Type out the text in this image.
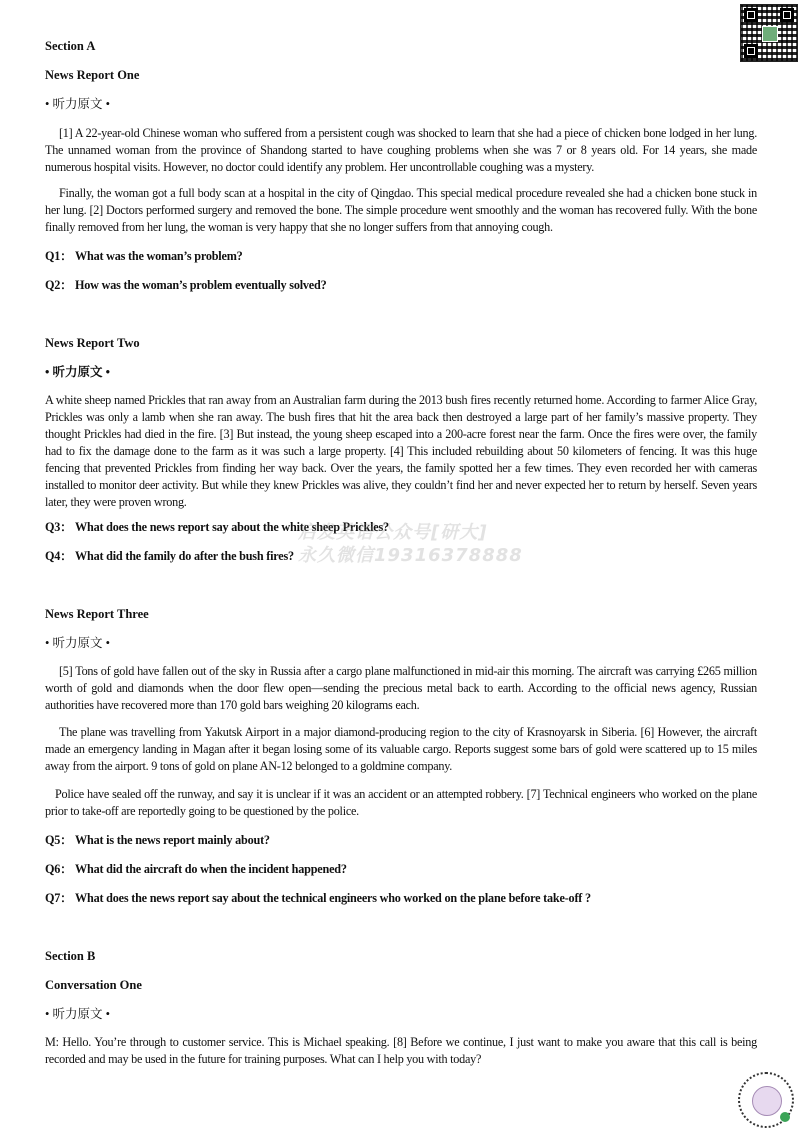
Section A
News Report One
• 听力原文 •
[1] A 22-year-old Chinese woman who suffered from a persistent cough was shocked to learn that she had a piece of chicken bone lodged in her lung. The unnamed woman from the province of Shandong started to have coughing problems when she was 7 or 8 years old. For 14 years, she made numerous hospital visits. However, no doctor could identify any problem. Her uncontrollable coughing was a mystery.
Finally, the woman got a full body scan at a hospital in the city of Qingdao. This special medical procedure revealed she had a chicken bone stuck in her lung. [2] Doctors performed surgery and removed the bone. The simple procedure went smoothly and the woman has recovered fully. With the bone finally removed from her lung, the woman is very happy that she no longer suffers from that annoying cough.
Q1： What was the woman’s problem?
Q2： How was the woman’s problem eventually solved?
News Report Two
• 听力原文 •
A white sheep named Prickles that ran away from an Australian farm during the 2013 bush fires recently returned home. According to farmer Alice Gray, Prickles was only a lamb when she ran away. The bush fires that hit the area back then destroyed a large part of her family’s massive property. They thought Prickles had died in the fire. [3] But instead, the young sheep escaped into a 200-acre forest near the farm. Once the fires were over, the family had to fix the damage done to the farm as it was such a large property. [4] This included rebuilding about 50 kilometers of fencing. It was this huge fencing that prevented Prickles from finding her way back. Over the years, the family spotted her a few times. They even recorded her with cameras installed to monitor deer activity. But while they knew Prickles was alive, they couldn’t find her and never expected her to return by herself. Seven years later, they were proven wrong.
Q3： What does the news report say about the white sheep Prickles?
Q4： What did the family do after the bush fires?
启发英语公众号[研大]
永久微信19316378888
News Report Three
• 听力原文 •
[5] Tons of gold have fallen out of the sky in Russia after a cargo plane malfunctioned in mid-air this morning. The aircraft was carrying £265 million worth of gold and diamonds when the door flew open—sending the precious metal back to earth. According to the official news agency, Russian authorities have recovered more than 170 gold bars weighing 20 kilograms each.
The plane was travelling from Yakutsk Airport in a major diamond-producing region to the city of Krasnoyarsk in Siberia. [6] However, the aircraft made an emergency landing in Magan after it began losing some of its valuable cargo. Reports suggest some bars of gold were scattered up to 15 miles away from the airport. 9 tons of gold on plane AN-12 belonged to a goldmine company.
Police have sealed off the runway, and say it is unclear if it was an accident or an attempted robbery. [7] Technical engineers who worked on the plane prior to take-off are reportedly going to be questioned by the police.
Q5： What is the news report mainly about?
Q6： What did the aircraft do when the incident happened?
Q7： What does the news report say about the technical engineers who worked on the plane before take-off ?
Section B
Conversation One
• 听力原文 •
M: Hello. You’re through to customer service. This is Michael speaking. [8] Before we continue, I just want to make you aware that this call is being recorded and may be used in the future for training purposes. What can I help you with today?
